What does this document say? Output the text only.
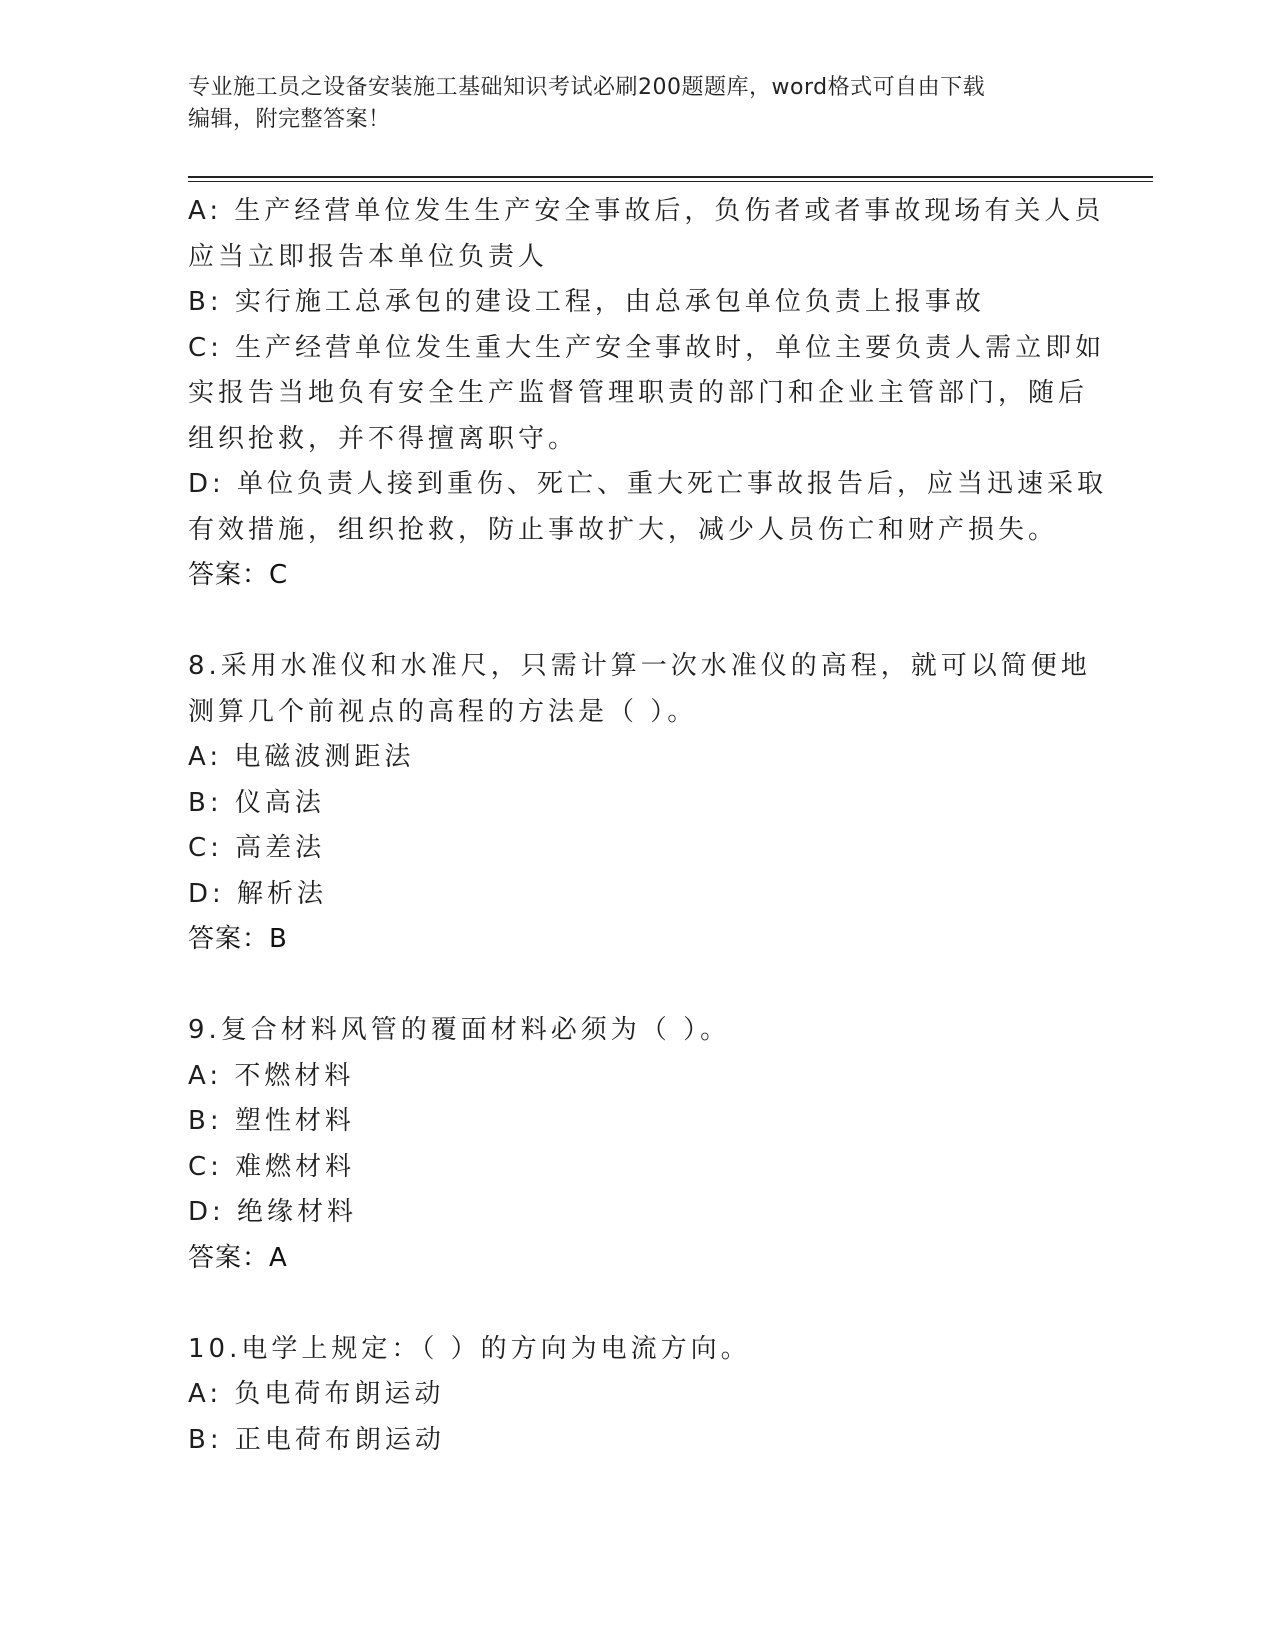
专业施工员之设备安装施工基础知识考试必刷200题题库，word格式可自由下载
编辑，附完整答案！
A: 生产经营单位发生生产安全事故后，负伤者或者事故现场有关人员
应当立即报告本单位负责人
B: 实行施工总承包的建设工程，由总承包单位负责上报事故
C: 生产经营单位发生重大生产安全事故时，单位主要负责人需立即如
实报告当地负有安全生产监督管理职责的部门和企业主管部门，随后
组织抢救，并不得擅离职守。
D: 单位负责人接到重伤、死亡、重大死亡事故报告后，应当迅速采取
有效措施，组织抢救，防止事故扩大，减少人员伤亡和财产损失。
答案：C
8.采用水准仪和水准尺，只需计算一次水准仪的高程，就可以简便地
测算几个前视点的高程的方法是（ ）。
A: 电磁波测距法
B: 仪高法
C: 高差法
D: 解析法
答案：B
9.复合材料风管的覆面材料必须为（ ）。
A: 不燃材料
B: 塑性材料
C: 难燃材料
D: 绝缘材料
答案：A
10.电学上规定：（ ）的方向为电流方向。
A: 负电荷布朗运动
B: 正电荷布朗运动
